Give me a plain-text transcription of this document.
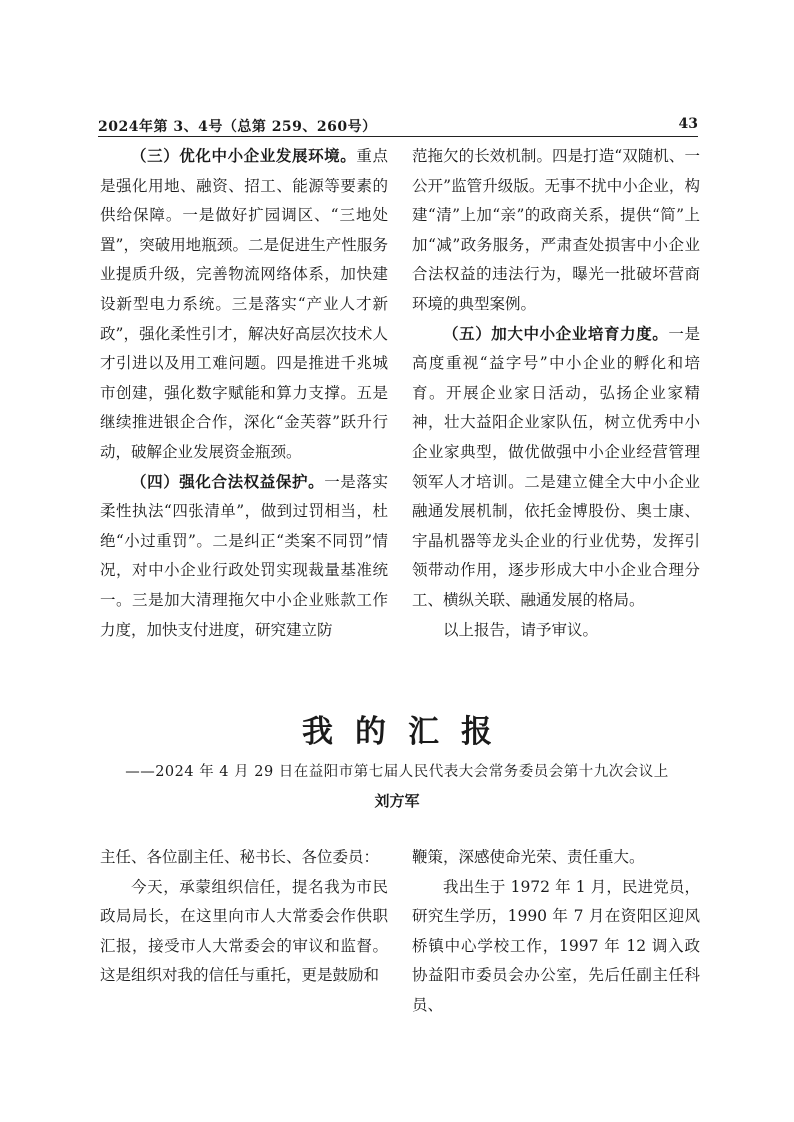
2024年第 3、4号（总第 259、260号）	43

（三）优化中小企业发展环境。重点是强化用地、融资、招工、能源等要素的供给保障。一是做好扩园调区、“三地处置”，突破用地瓶颈。二是促进生产性服务业提质升级，完善物流网络体系，加快建设新型电力系统。三是落实“产业人才新政”，强化柔性引才，解决好高层次技术人才引进以及用工难问题。四是推进千兆城市创建，强化数字赋能和算力支撑。五是继续推进银企合作，深化“金芙蓉”跃升行动，破解企业发展资金瓶颈。

（四）强化合法权益保护。一是落实柔性执法“四张清单”，做到过罚相当，杜绝“小过重罚”。二是纠正“类案不同罚”情况，对中小企业行政处罚实现裁量基准统一。三是加大清理拖欠中小企业账款工作力度，加快支付进度，研究建立防

范拖欠的长效机制。四是打造“双随机、一公开”监管升级版。无事不扰中小企业，构建“清”上加“亲”的政商关系，提供“简”上加“减”政务服务，严肃查处损害中小企业合法权益的违法行为，曝光一批破坏营商环境的典型案例。

（五）加大中小企业培育力度。一是高度重视“益字号”中小企业的孵化和培育。开展企业家日活动，弘扬企业家精神，壮大益阳企业家队伍，树立优秀中小企业家典型，做优做强中小企业经营管理领军人才培训。二是建立健全大中小企业融通发展机制，依托金博股份、奥士康、宇晶机器等龙头企业的行业优势，发挥引领带动作用，逐步形成大中小企业合理分工、横纵关联、融通发展的格局。

以上报告，请予审议。

我的汇报
——2024 年 4 月 29 日在益阳市第七届人民代表大会常务委员会第十九次会议上
刘方军

主任、各位副主任、秘书长、各位委员：

今天，承蒙组织信任，提名我为市民政局局长，在这里向市人大常委会作供职汇报，接受市人大常委会的审议和监督。这是组织对我的信任与重托，更是鼓励和

鞭策，深感使命光荣、责任重大。

我出生于 1972 年 1 月，民进党员，研究生学历，1990 年 7 月在资阳区迎风桥镇中心学校工作，1997 年 12 调入政协益阳市委员会办公室，先后任副主任科员、
